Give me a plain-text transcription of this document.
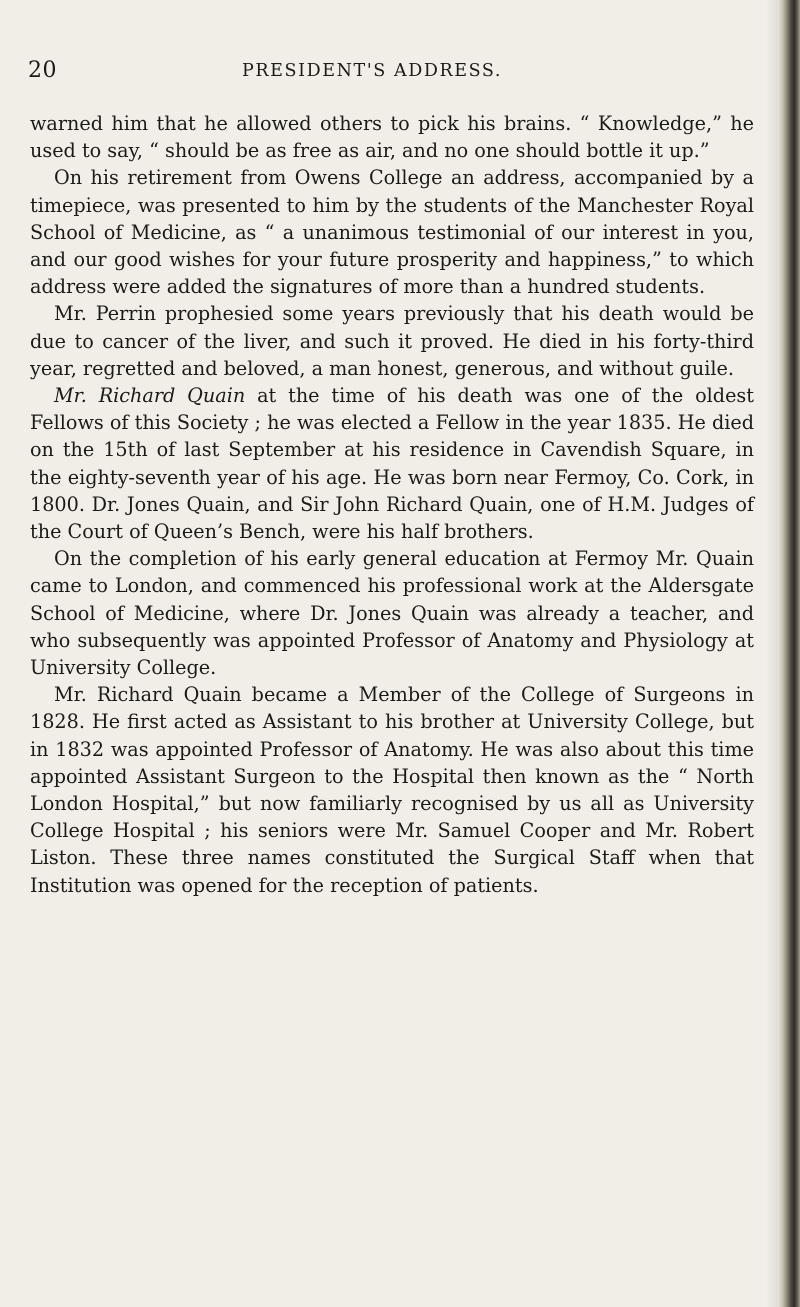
20	PRESIDENT'S ADDRESS.

warned him that he allowed others to pick his brains. “ Knowledge,” he used to say, “ should be as free as air, and no one should bottle it up.”

On his retirement from Owens College an address, accompanied by a timepiece, was presented to him by the students of the Manchester Royal School of Medicine, as “ a unanimous testimonial of our interest in you, and our good wishes for your future prosperity and happiness,” to which address were added the signatures of more than a hundred students.

Mr. Perrin prophesied some years previously that his death would be due to cancer of the liver, and such it proved. He died in his forty-third year, regretted and beloved, a man honest, generous, and without guile.

Mr. Richard Quain at the time of his death was one of the oldest Fellows of this Society ; he was elected a Fellow in the year 1835. He died on the 15th of last September at his residence in Cavendish Square, in the eighty-seventh year of his age. He was born near Fermoy, Co. Cork, in 1800. Dr. Jones Quain, and Sir John Richard Quain, one of H.M. Judges of the Court of Queen’s Bench, were his half brothers.

On the completion of his early general education at Fermoy Mr. Quain came to London, and commenced his professional work at the Aldersgate School of Medicine, where Dr. Jones Quain was already a teacher, and who subsequently was appointed Professor of Anatomy and Physiology at University College.

Mr. Richard Quain became a Member of the College of Surgeons in 1828. He first acted as Assistant to his brother at University College, but in 1832 was appointed Professor of Anatomy. He was also about this time appointed Assistant Surgeon to the Hospital then known as the “ North London Hospital,” but now familiarly recognised by us all as University College Hospital ; his seniors were Mr. Samuel Cooper and Mr. Robert Liston. These three names constituted the Surgical Staff when that Institution was opened for the reception of patients.
